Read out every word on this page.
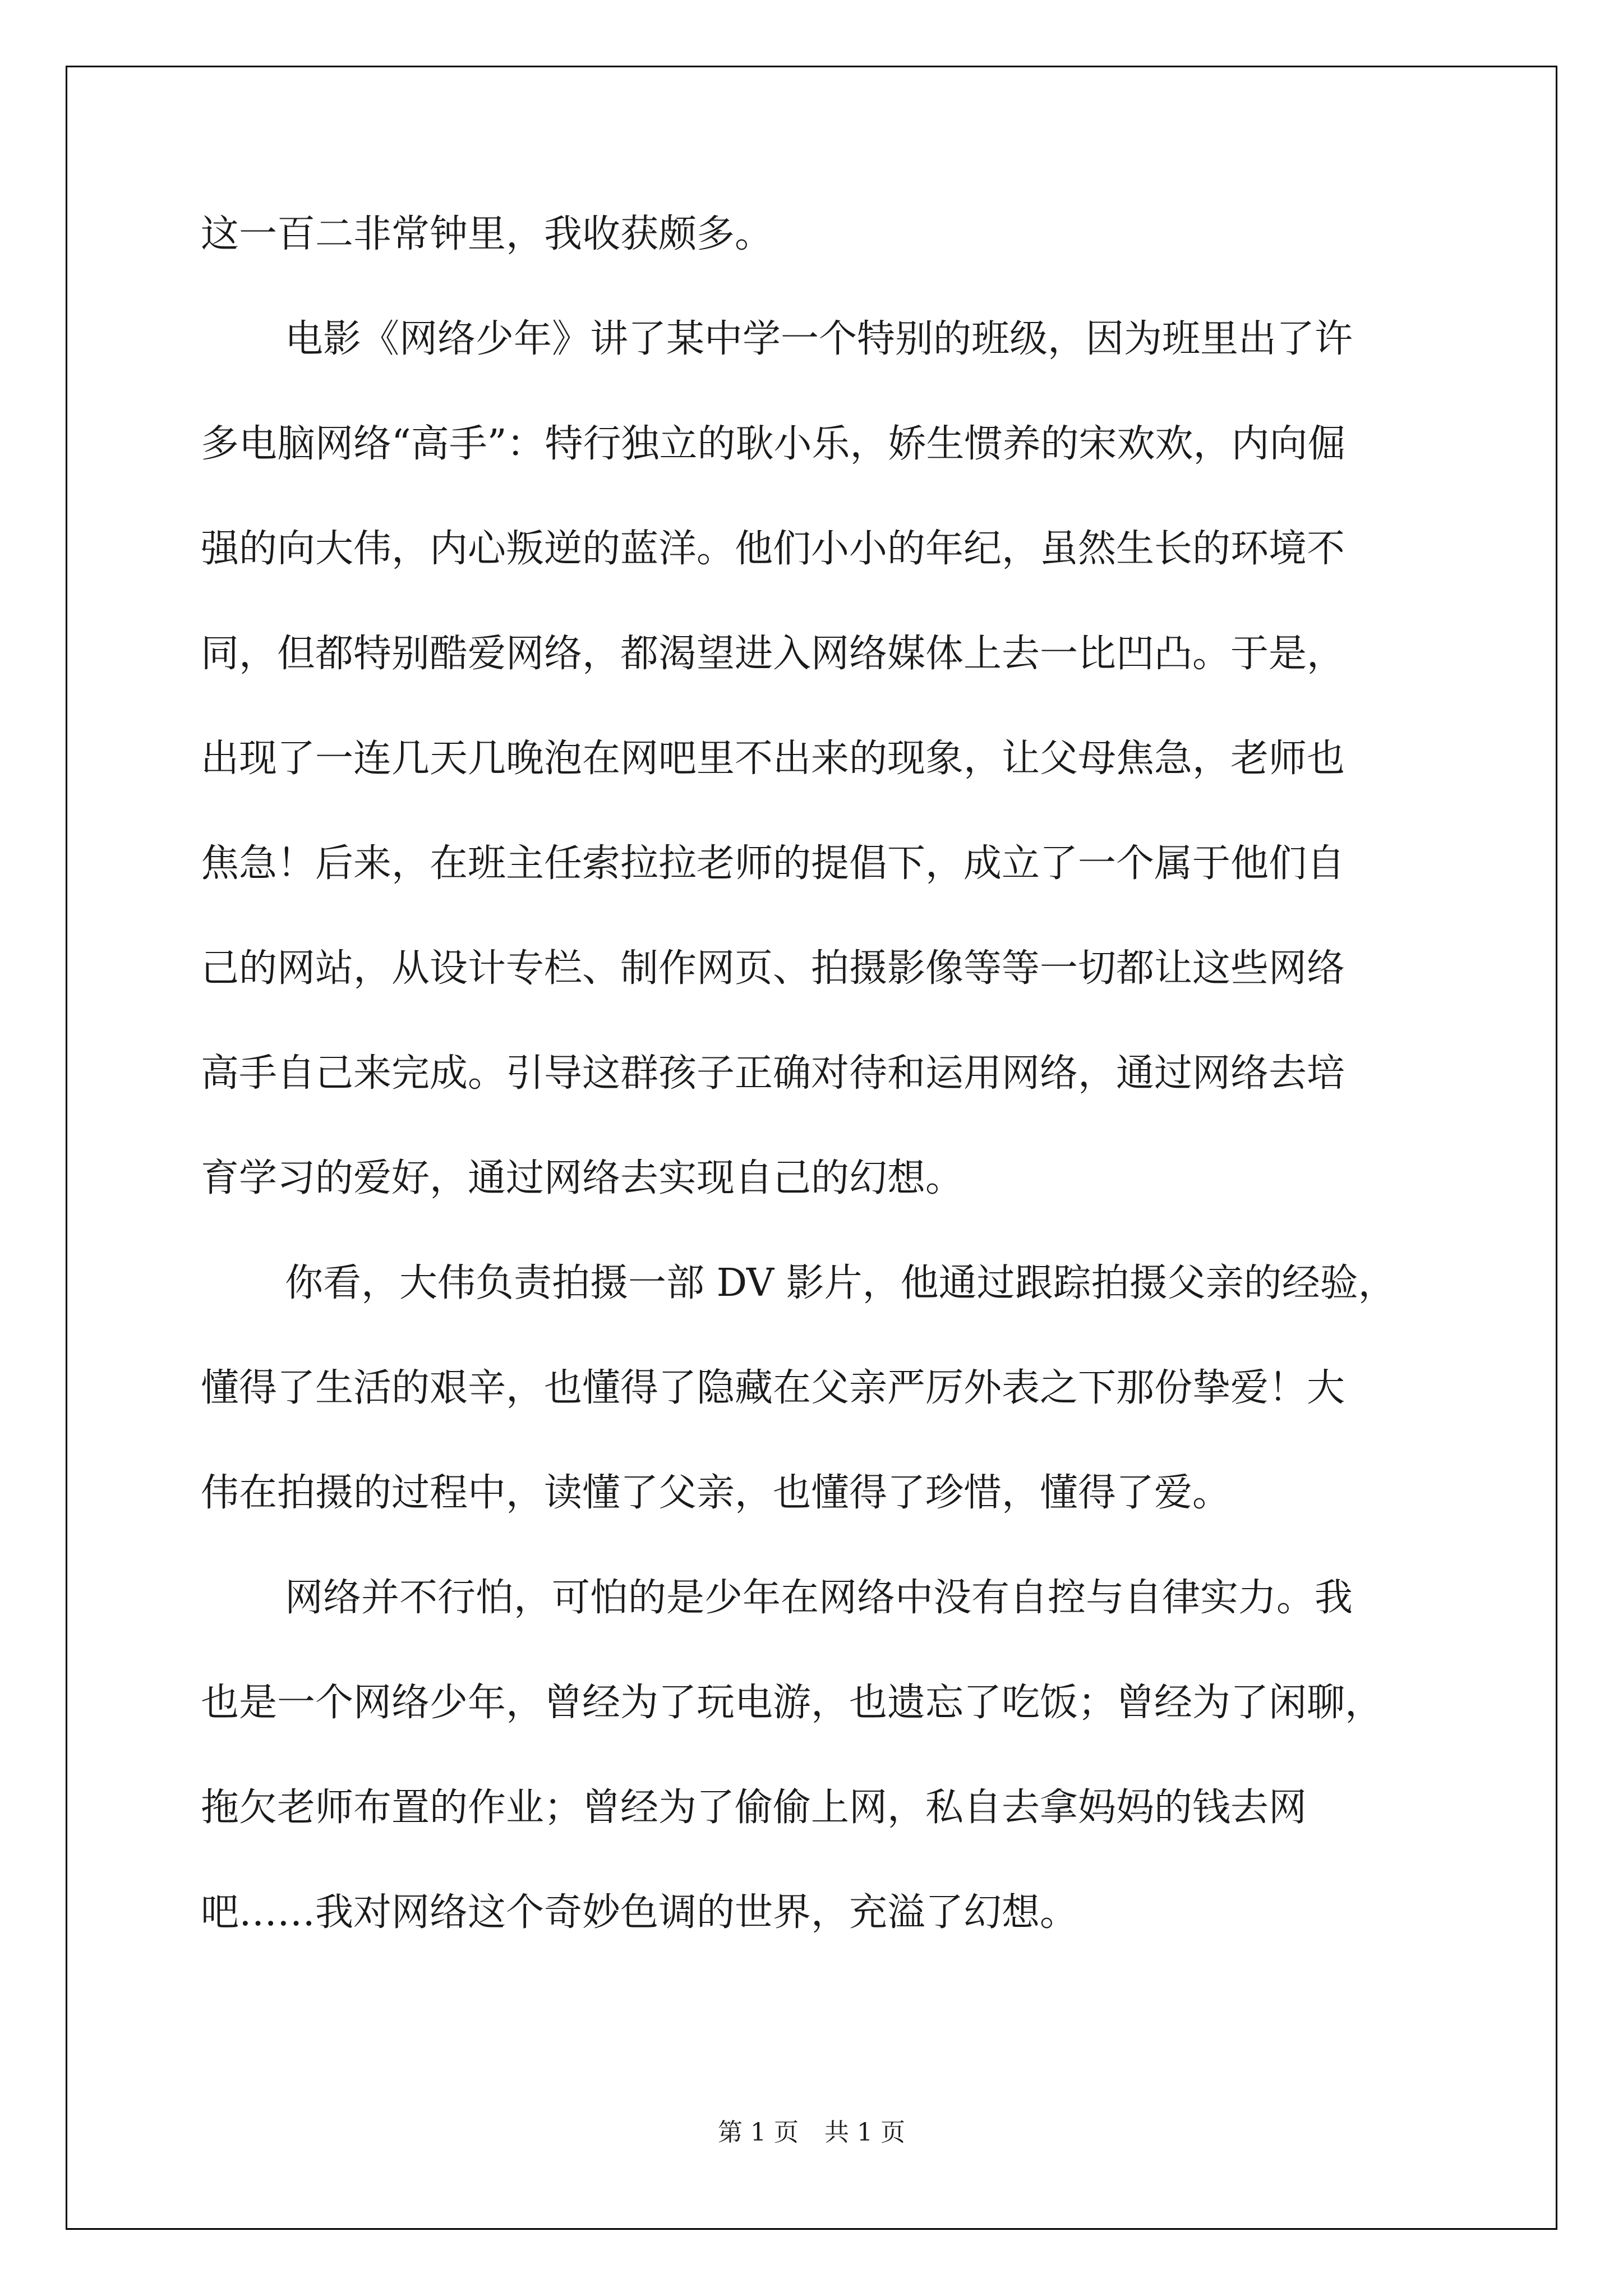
这一百二非常钟里，我收获颇多。

电影《网络少年》讲了某中学一个特别的班级，因为班里出了许

多电脑网络“高手”：特行独立的耿小乐，娇生惯养的宋欢欢，内向倔

强的向大伟，内心叛逆的蓝洋。他们小小的年纪，虽然生长的环境不

同，但都特别酷爱网络，都渴望进入网络媒体上去一比凹凸。于是，

出现了一连几天几晚泡在网吧里不出来的现象，让父母焦急，老师也

焦急！后来，在班主任索拉拉老师的提倡下，成立了一个属于他们自

己的网站，从设计专栏、制作网页、拍摄影像等等一切都让这些网络

高手自己来完成。引导这群孩子正确对待和运用网络，通过网络去培

育学习的爱好，通过网络去实现自己的幻想。

你看，大伟负责拍摄一部 DV 影片，他通过跟踪拍摄父亲的经验，

懂得了生活的艰辛，也懂得了隐藏在父亲严厉外表之下那份挚爱！大

伟在拍摄的过程中，读懂了父亲，也懂得了珍惜，懂得了爱。

网络并不行怕，可怕的是少年在网络中没有自控与自律实力。我

也是一个网络少年，曾经为了玩电游，也遗忘了吃饭；曾经为了闲聊，

拖欠老师布置的作业；曾经为了偷偷上网，私自去拿妈妈的钱去网

吧……我对网络这个奇妙色调的世界，充溢了幻想。

第 1 页 共 1 页
